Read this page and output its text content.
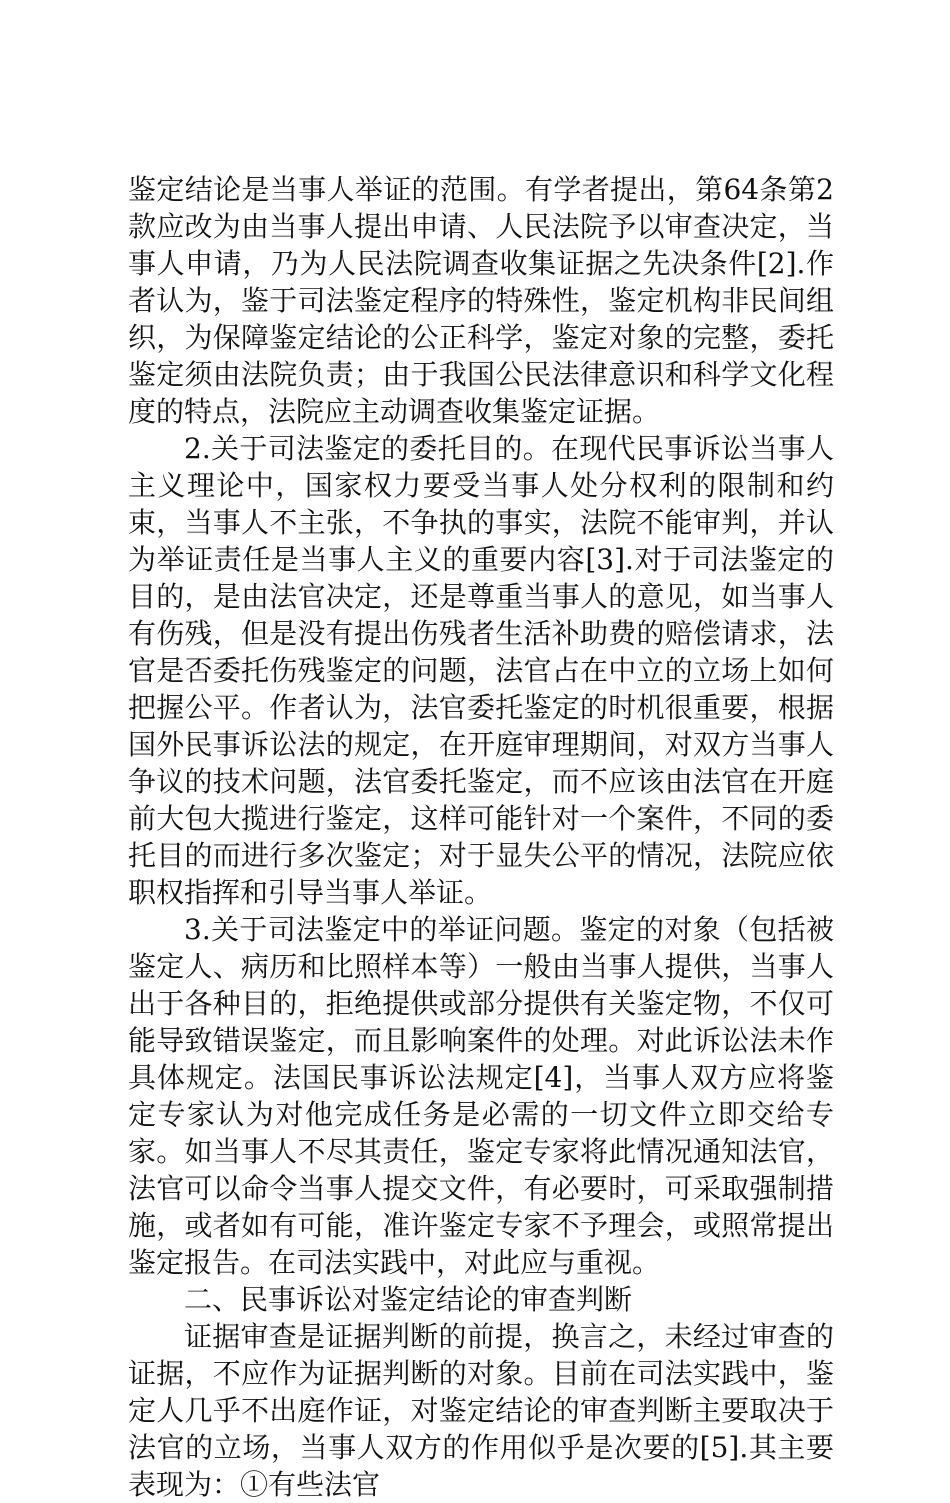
鉴定结论是当事人举证的范围。有学者提出，第64条第2款应改为由当事人提出申请、人民法院予以审查决定，当事人申请，乃为人民法院调查收集证据之先决条件[2].作者认为，鉴于司法鉴定程序的特殊性，鉴定机构非民间组织，为保障鉴定结论的公正科学，鉴定对象的完整，委托鉴定须由法院负责；由于我国公民法律意识和科学文化程度的特点，法院应主动调查收集鉴定证据。

2.关于司法鉴定的委托目的。在现代民事诉讼当事人主义理论中，国家权力要受当事人处分权利的限制和约束，当事人不主张，不争执的事实，法院不能审判，并认为举证责任是当事人主义的重要内容[3].对于司法鉴定的目的，是由法官决定，还是尊重当事人的意见，如当事人有伤残，但是没有提出伤残者生活补助费的赔偿请求，法官是否委托伤残鉴定的问题，法官占在中立的立场上如何把握公平。作者认为，法官委托鉴定的时机很重要，根据国外民事诉讼法的规定，在开庭审理期间，对双方当事人争议的技术问题，法官委托鉴定，而不应该由法官在开庭前大包大揽进行鉴定，这样可能针对一个案件，不同的委托目的而进行多次鉴定；对于显失公平的情况，法院应依职权指挥和引导当事人举证。

3.关于司法鉴定中的举证问题。鉴定的对象（包括被鉴定人、病历和比照样本等）一般由当事人提供，当事人出于各种目的，拒绝提供或部分提供有关鉴定物，不仅可能导致错误鉴定，而且影响案件的处理。对此诉讼法未作具体规定。法国民事诉讼法规定[4]，当事人双方应将鉴定专家认为对他完成任务是必需的一切文件立即交给专家。如当事人不尽其责任，鉴定专家将此情况通知法官，法官可以命令当事人提交文件，有必要时，可采取强制措施，或者如有可能，准许鉴定专家不予理会，或照常提出鉴定报告。在司法实践中，对此应与重视。

二、民事诉讼对鉴定结论的审查判断

证据审查是证据判断的前提，换言之，未经过审查的证据，不应作为证据判断的对象。目前在司法实践中，鉴定人几乎不出庭作证，对鉴定结论的审查判断主要取决于法官的立场，当事人双方的作用似乎是次要的[5].其主要表现为：①有些法官
